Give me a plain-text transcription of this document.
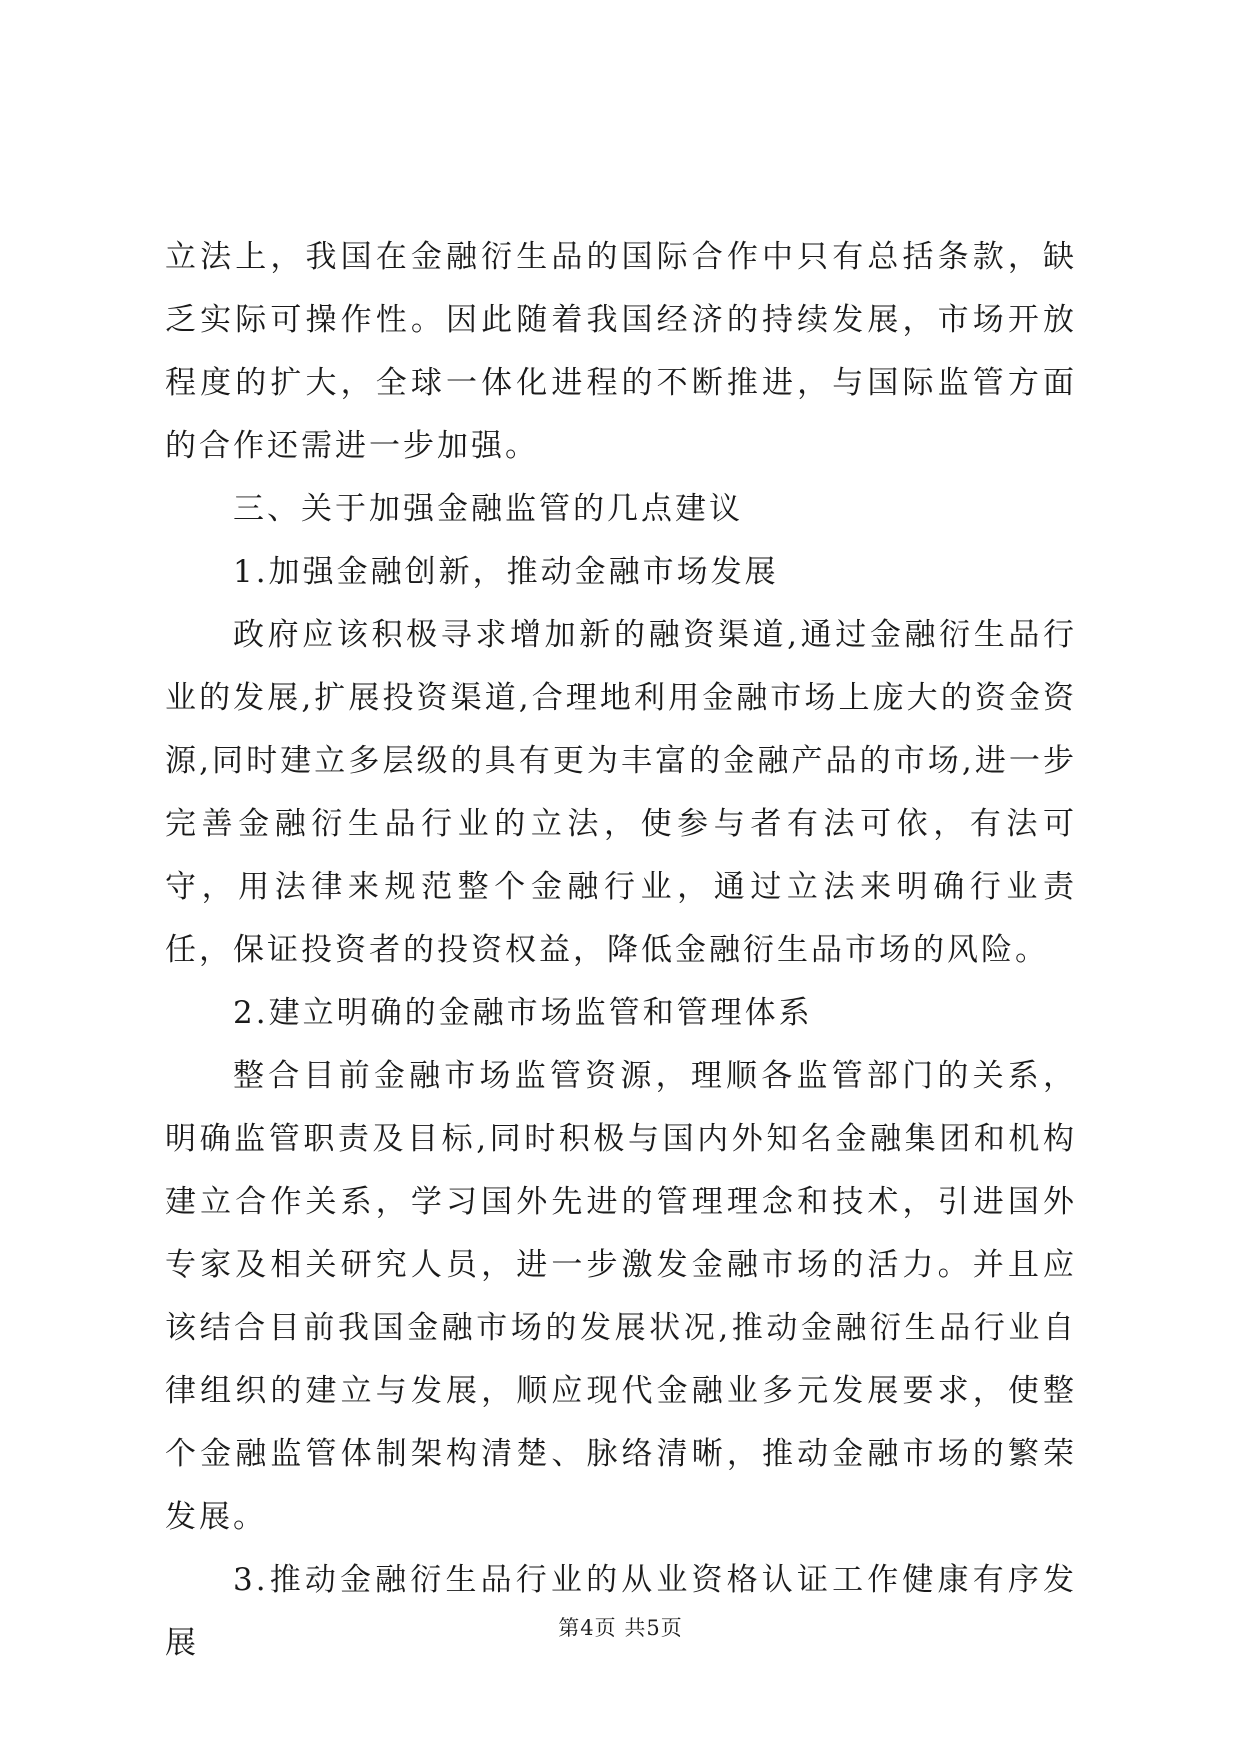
立法上，我国在金融衍生品的国际合作中只有总括条款，缺乏实际可操作性。因此随着我国经济的持续发展，市场开放程度的扩大，全球一体化进程的不断推进，与国际监管方面的合作还需进一步加强。

三、关于加强金融监管的几点建议

1.加强金融创新，推动金融市场发展

政府应该积极寻求增加新的融资渠道,通过金融衍生品行业的发展,扩展投资渠道,合理地利用金融市场上庞大的资金资源,同时建立多层级的具有更为丰富的金融产品的市场,进一步完善金融衍生品行业的立法，使参与者有法可依，有法可守，用法律来规范整个金融行业，通过立法来明确行业责任，保证投资者的投资权益，降低金融衍生品市场的风险。

2.建立明确的金融市场监管和管理体系

整合目前金融市场监管资源，理顺各监管部门的关系，明确监管职责及目标,同时积极与国内外知名金融集团和机构建立合作关系，学习国外先进的管理理念和技术，引进国外专家及相关研究人员，进一步激发金融市场的活力。并且应该结合目前我国金融市场的发展状况,推动金融衍生品行业自律组织的建立与发展，顺应现代金融业多元发展要求，使整个金融监管体制架构清楚、脉络清晰，推动金融市场的繁荣发展。

3.推动金融衍生品行业的从业资格认证工作健康有序发展	第4页 共5页
